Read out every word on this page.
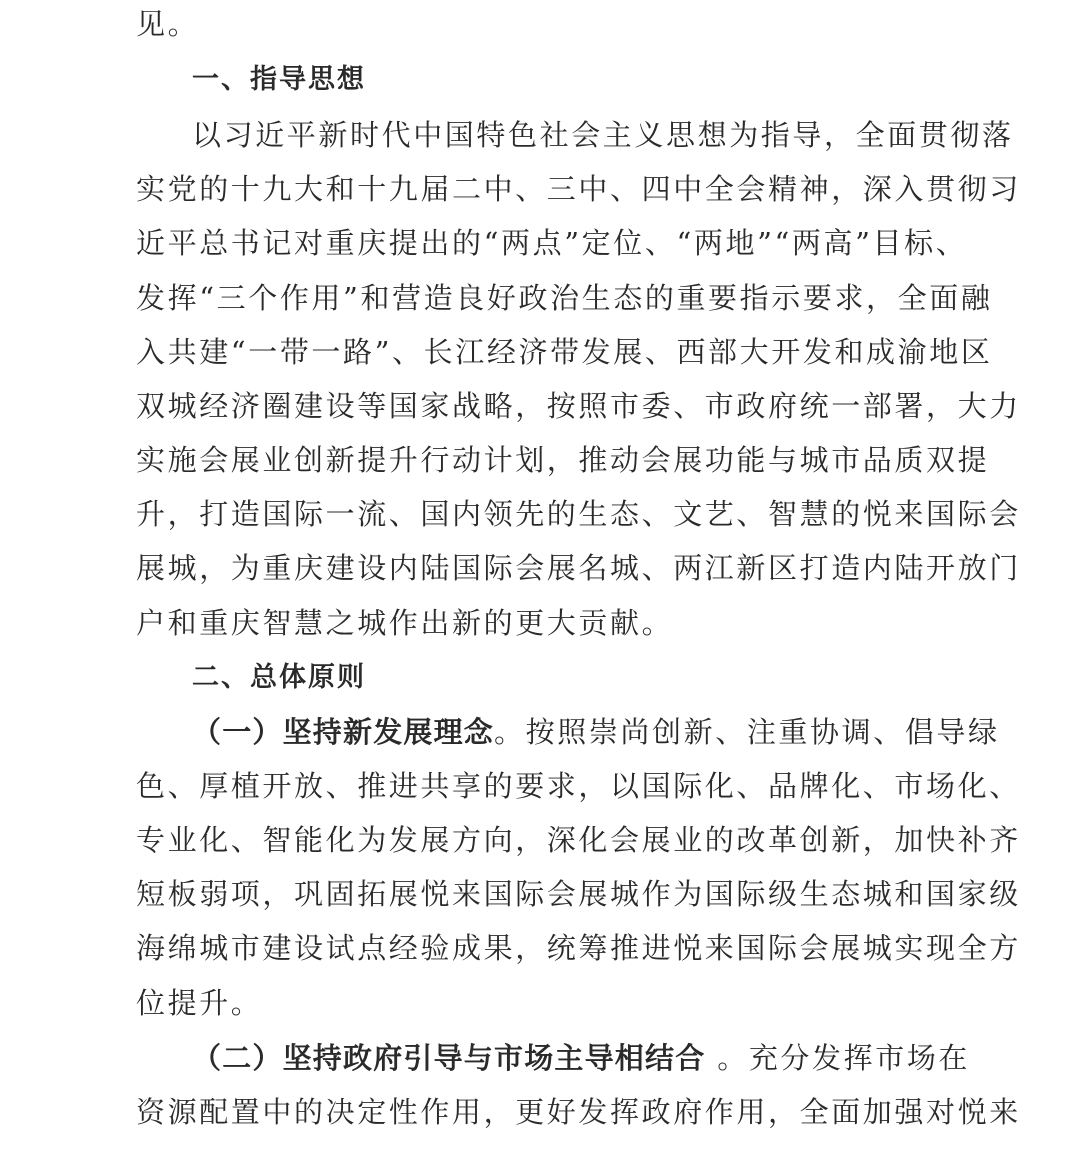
见。
一、指导思想
以习近平新时代中国特色社会主义思想为指导，全面贯彻落
实党的十九大和十九届二中、三中、四中全会精神，深入贯彻习
近平总书记对重庆提出的“两点”定位、“两地”“两高”目标、
发挥“三个作用”和营造良好政治生态的重要指示要求，全面融
入共建“一带一路”、长江经济带发展、西部大开发和成渝地区
双城经济圈建设等国家战略，按照市委、市政府统一部署，大力
实施会展业创新提升行动计划，推动会展功能与城市品质双提
升，打造国际一流、国内领先的生态、文艺、智慧的悦来国际会
展城，为重庆建设内陆国际会展名城、两江新区打造内陆开放门
户和重庆智慧之城作出新的更大贡献。
二、总体原则
（一）坚持新发展理念。按照崇尚创新、注重协调、倡导绿
色、厚植开放、推进共享的要求，以国际化、品牌化、市场化、
专业化、智能化为发展方向，深化会展业的改革创新，加快补齐
短板弱项，巩固拓展悦来国际会展城作为国际级生态城和国家级
海绵城市建设试点经验成果，统筹推进悦来国际会展城实现全方
位提升。
（二）坚持政府引导与市场主导相结合 。充分发挥市场在
资源配置中的决定性作用，更好发挥政府作用，全面加强对悦来
